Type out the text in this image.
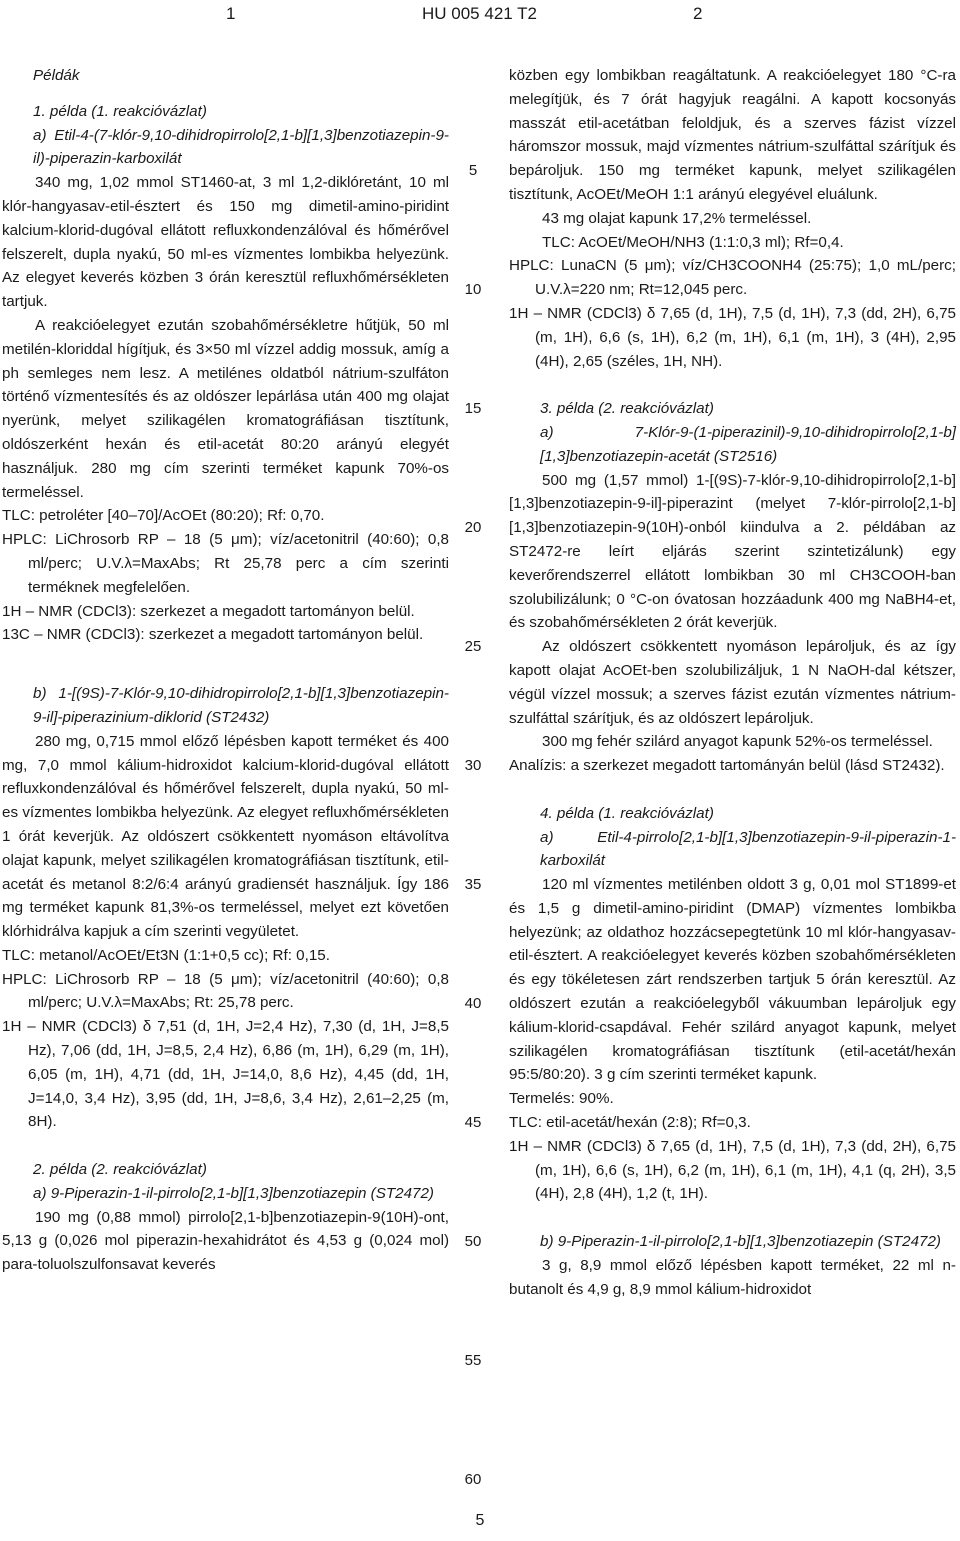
1	HU 005 421 T2	2

Példák

1. példa (1. reakcióvázlat)

a) Etil-4-(7-klór-9,10-dihidropirrolo[2,1-b][1,3]benzotiazepin-9-il)-piperazin-karboxilát

340 mg, 1,02 mmol ST1460-at, 3 ml 1,2-diklóretánt, 10 ml klór-hangyasav-etil-észtert és 150 mg dimetil-amino-piridint kalcium-klorid-dugóval ellátott refluxkondenzálóval és hőmérővel felszerelt, dupla nyakú, 50 ml-es vízmentes lombikba helyezünk. Az elegyet keverés közben 3 órán keresztül refluxhőmérsékleten tartjuk.

A reakcióelegyet ezután szobahőmérsékletre hűtjük, 50 ml metilén-kloriddal hígítjuk, és 3×50 ml vízzel addig mossuk, amíg a ph semleges nem lesz. A metilénes oldatból nátrium-szulfáton történő vízmentesítés és az oldószer lepárlása után 400 mg olajat nyerünk, melyet szilikagélen kromatográfiásan tisztítunk, oldószerként hexán és etil-acetát 80:20 arányú elegyét használjuk. 280 mg cím szerinti terméket kapunk 70%-os termeléssel.

TLC: petroléter [40–70]/AcOEt (80:20); Rf: 0,70.

HPLC: LiChrosorb RP – 18 (5 μm); víz/acetonitril (40:60); 0,8 ml/perc; U.V.λ=MaxAbs; Rt 25,78 perc a cím szerinti terméknek megfelelően.

1H – NMR (CDCl3): szerkezet a megadott tartományon belül.

13C – NMR (CDCl3): szerkezet a megadott tartományon belül.

b) 1-[(9S)-7-Klór-9,10-dihidropirrolo[2,1-b][1,3]benzotiazepin-9-il]-piperazinium-diklorid (ST2432)

280 mg, 0,715 mmol előző lépésben kapott terméket és 400 mg, 7,0 mmol kálium-hidroxidot kalcium-klorid-dugóval ellátott refluxkondenzálóval és hőmérővel felszerelt, dupla nyakú, 50 ml-es vízmentes lombikba helyezünk. Az elegyet refluxhőmérsékleten 1 órát keverjük. Az oldószert csökkentett nyomáson eltávolítva olajat kapunk, melyet szilikagélen kromatográfiásan tisztítunk, etil-acetát és metanol 8:2/6:4 arányú gradiensét használjuk. Így 186 mg terméket kapunk 81,3%-os termeléssel, melyet ezt követően klórhidrálva kapjuk a cím szerinti vegyületet.

TLC: metanol/AcOEt/Et3N (1:1+0,5 cc); Rf: 0,15.

HPLC: LiChrosorb RP – 18 (5 μm); víz/acetonitril (40:60); 0,8 ml/perc; U.V.λ=MaxAbs; Rt: 25,78 perc.

1H – NMR (CDCl3) δ 7,51 (d, 1H, J=2,4 Hz), 7,30 (d, 1H, J=8,5 Hz), 7,06 (dd, 1H, J=8,5, 2,4 Hz), 6,86 (m, 1H), 6,29 (m, 1H), 6,05 (m, 1H), 4,71 (dd, 1H, J=14,0, 8,6 Hz), 4,45 (dd, 1H, J=14,0, 3,4 Hz), 3,95 (dd, 1H, J=8,6, 3,4 Hz), 2,61–2,25 (m, 8H).

2. példa (2. reakcióvázlat)

a) 9-Piperazin-1-il-pirrolo[2,1-b][1,3]benzotiazepin (ST2472)

190 mg (0,88 mmol) pirrolo[2,1-b]benzotiazepin-9(10H)-ont, 5,13 g (0,026 mol piperazin-hexahidrátot és 4,53 g (0,024 mol) para-toluolszulfonsavat keverés

közben egy lombikban reagáltatunk. A reakcióelegyet 180 °C-ra melegítjük, és 7 órát hagyjuk reagálni. A kapott kocsonyás masszát etil-acetátban feloldjuk, és a szerves fázist vízzel háromszor mossuk, majd vízmentes nátrium-szulfáttal szárítjuk és bepároljuk. 150 mg terméket kapunk, melyet szilikagélen tisztítunk, AcOEt/MeOH 1:1 arányú elegyével eluálunk.

43 mg olajat kapunk 17,2% termeléssel.

TLC: AcOEt/MeOH/NH3 (1:1:0,3 ml); Rf=0,4.

HPLC: LunaCN (5 μm); víz/CH3COONH4 (25:75); 1,0 mL/perc; U.V.λ=220 nm; Rt=12,045 perc.

1H – NMR (CDCl3) δ 7,65 (d, 1H), 7,5 (d, 1H), 7,3 (dd, 2H), 6,75 (m, 1H), 6,6 (s, 1H), 6,2 (m, 1H), 6,1 (m, 1H), 3 (4H), 2,95 (4H), 2,65 (széles, 1H, NH).

3. példa (2. reakcióvázlat)

a) 7-Klór-9-(1-piperazinil)-9,10-dihidropirrolo[2,1-b][1,3]benzotiazepin-acetát (ST2516)

500 mg (1,57 mmol) 1-[(9S)-7-klór-9,10-dihidropirrolo[2,1-b][1,3]benzotiazepin-9-il]-piperazint (melyet 7-klór-pirrolo[2,1-b][1,3]benzotiazepin-9(10H)-onból kiindulva a 2. példában az ST2472-re leírt eljárás szerint szintetizálunk) egy keverőrendszerrel ellátott lombikban 30 ml CH3COOH-ban szolubilizálunk; 0 °C-on óvatosan hozzáadunk 400 mg NaBH4-et, és szobahőmérsékleten 2 órát keverjük.

Az oldószert csökkentett nyomáson lepároljuk, és az így kapott olajat AcOEt-ben szolubilizáljuk, 1 N NaOH-dal kétszer, végül vízzel mossuk; a szerves fázist ezután vízmentes nátrium-szulfáttal szárítjuk, és az oldószert lepároljuk.

300 mg fehér szilárd anyagot kapunk 52%-os termeléssel.

Analízis: a szerkezet megadott tartományán belül (lásd ST2432).

4. példa (1. reakcióvázlat)

a) Etil-4-pirrolo[2,1-b][1,3]benzotiazepin-9-il-piperazin-1-karboxilát

120 ml vízmentes metilénben oldott 3 g, 0,01 mol ST1899-et és 1,5 g dimetil-amino-piridint (DMAP) vízmentes lombikba helyezünk; az oldathoz hozzácsepegtetünk 10 ml klór-hangyasav-etil-észtert. A reakcióelegyet keverés közben szobahőmérsékleten és egy tökéletesen zárt rendszerben tartjuk 5 órán keresztül. Az oldószert ezután a reakcióelegyből vákuumban lepároljuk egy kálium-klorid-csapdával. Fehér szilárd anyagot kapunk, melyet szilikagélen kromatográfiásan tisztítunk (etil-acetát/hexán 95:5/80:20). 3 g cím szerinti terméket kapunk.

Termelés: 90%.

TLC: etil-acetát/hexán (2:8); Rf=0,3.

1H – NMR (CDCl3) δ 7,65 (d, 1H), 7,5 (d, 1H), 7,3 (dd, 2H), 6,75 (m, 1H), 6,6 (s, 1H), 6,2 (m, 1H), 6,1 (m, 1H), 4,1 (q, 2H), 3,5 (4H), 2,8 (4H), 1,2 (t, 1H).

b) 9-Piperazin-1-il-pirrolo[2,1-b][1,3]benzotiazepin (ST2472)

3 g, 8,9 mmol előző lépésben kapott terméket, 22 ml n-butanolt és 4,9 g, 8,9 mmol kálium-hidroxidot

5
10
15
20
25
30
35
40
45
50
55
60
5
